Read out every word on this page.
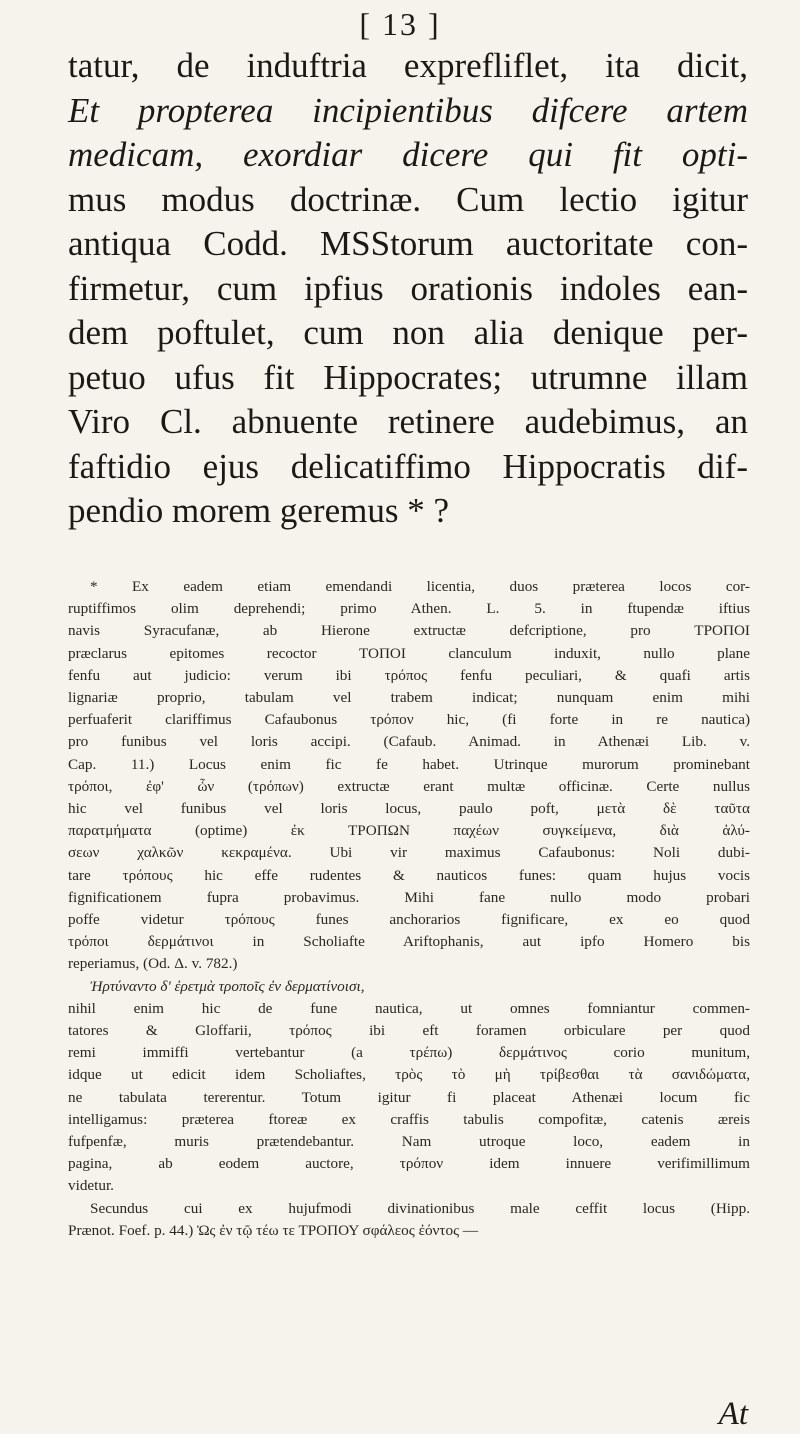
[ 13 ]

tatur, de induftria exprefliflet, ita dicit,

Et propterea incipientibus difcere artem

medicam, exordiar dicere qui fit opti-

mus modus doctrinæ. Cum lectio igitur

antiqua Codd. MSStorum auctoritate con-

firmetur, cum ipfius orationis indoles ean-

dem poftulet, cum non alia denique per-

petuo ufus fit Hippocrates; utrumne illam

Viro Cl. abnuente retinere audebimus, an

faftidio ejus delicatiffimo Hippocratis dif-

pendio morem geremus * ?

* Ex eadem etiam emendandi licentia, duos prætereа locos cor-

ruptiffimos olim deprehendi; primo Athen. L. 5. in ftupendæ iftius

navis Syracufanæ, ab Hierone extructæ defcriptione, pro ΤΡΟΠΟΙ

præclarus epitomes recoctor ΤΟΠΟΙ clanculum induxit, nullo plane

fenfu aut judicio: verum ibi τρόπος fenfu peculiari, & quafi artis

lignariæ proprio, tabulam vel trabem indicat; nunquam enim mihi

perfuaferit clariffimus Cafaubonus τρόπον hic, (fi forte in re nautica)

pro funibus vel loris accipi. (Cafaub. Animad. in Athenæi Lib. v.

Cap. 11.) Locus enim fic fe habet. Utrinque murorum prominebant

τρόποι, ἐφ' ὧν (τρόπων) extructæ erant multæ officinæ. Certe nullus

hic vel funibus vel loris locus, paulo poft, μετὰ δὲ ταῦτα

παρατμήματα (optime) ἐκ ΤΡΟΠΩΝ παχέων συγκείμενα, διὰ ἀλύ-

σεων χαλκῶν κεκραμένα. Ubi vir maximus Cafaubonus: Noli dubi-

tare τρόπους hic effe rudentes & nauticos funes: quam hujus vocis

fignificationem fupra probavimus. Mihi fane nullo modo probari

poffe videtur τρόπους funes anchorarios fignificare, ex eo quod

τρόποι δερμάτινοι in Scholiafte Ariftophanis, aut ipfo Homero bis

reperiamus, (Od. Δ. v. 782.)

Ἠρτύναντο δ' ἐρετμὰ τροποῖς ἐν δερματίνοισι,

nihil enim hic de fune nautica, ut omnes fomniantur commen-

tatores & Gloffarii, τρόπος ibi eft foramen orbiculare per quod

remi immiffi vertebantur (a τρέπω) δερμάτινος corio munitum,

idque ut edicit idem Scholiaftes, τρὸς τὸ μὴ τρίβεσθαι τὰ σανιδώματα,

ne tabulata tererentur. Totum igitur fi placeat Athenæi locum fic

intelligamus: præterea ftoreæ ex craffis tabulis compofitæ, catenis æreis

fufpenfæ, muris prætendebantur. Nam utroque loco, eadem in

pagina, ab eodem auctore, τρόπον idem innuere verifimillimum

videtur.

Secundus cui ex hujufmodi divinationibus male ceffit locus (Hipp.

Prænot. Foef. p. 44.) Ὡς ἐν τῷ τέω τε ΤΡΟΠΟΥ σφάλεος ἐόντος —

At
